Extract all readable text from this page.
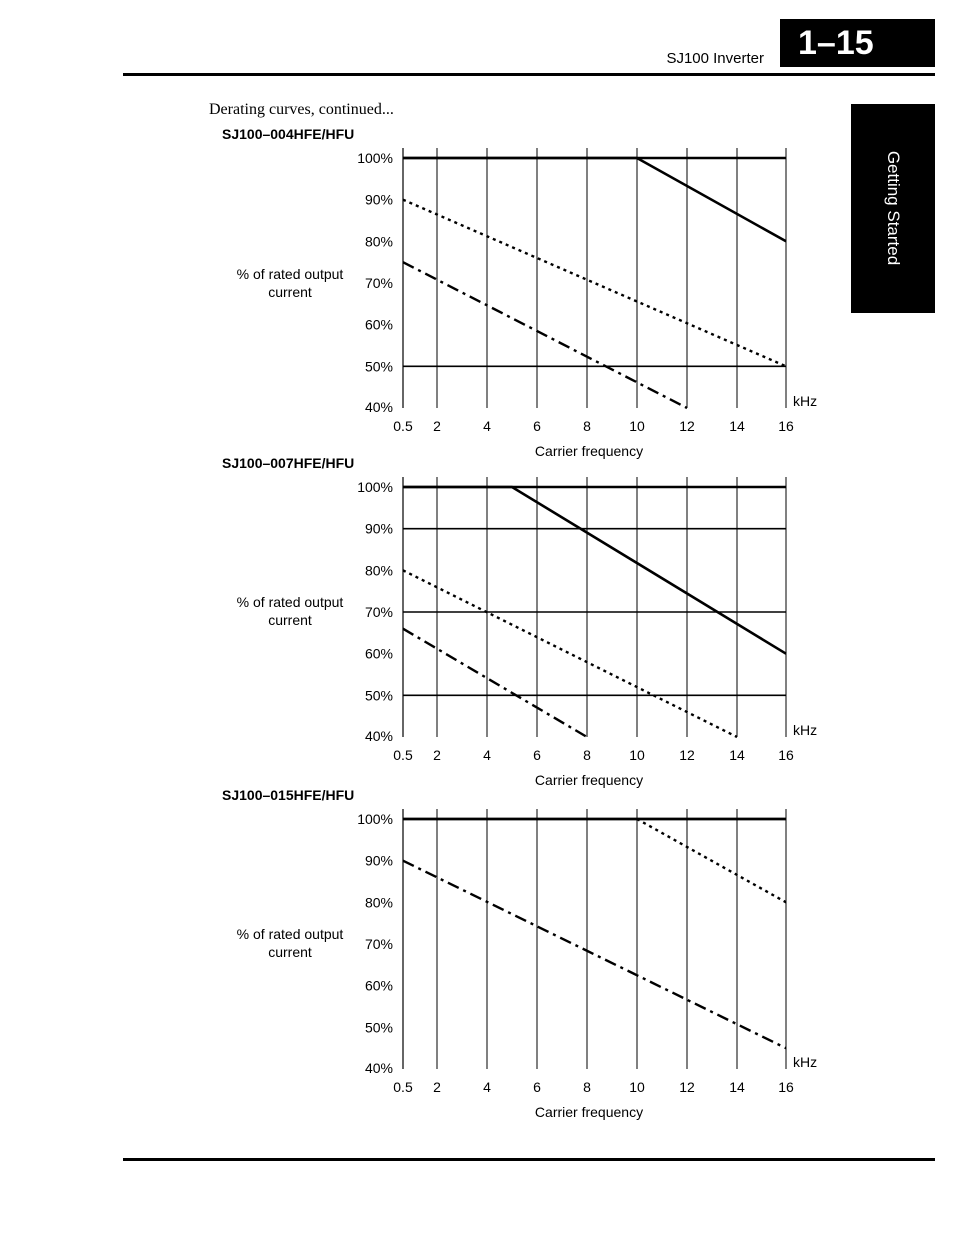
SJ100 Inverter	1–15
Getting Started
Derating curves, continued...
SJ100–004HFE/HFU
% of rated output current
100%
90%
80%
70%
60%
50%
40%
0.5 2	4	6	8	10 12 14 16
kHz
Carrier frequency
SJ100–007HFE/HFU
% of rated output current
100%
90%
80%
70%
60%
50%
40%
0.5 2	4	6	8	10 12 14 16
kHz
Carrier frequency
SJ100–015HFE/HFU
% of rated output current
100%
90%
80%
70%
60%
50%
40%
0.5 2	4	6	8	10 12 14 16
kHz
Carrier frequency
